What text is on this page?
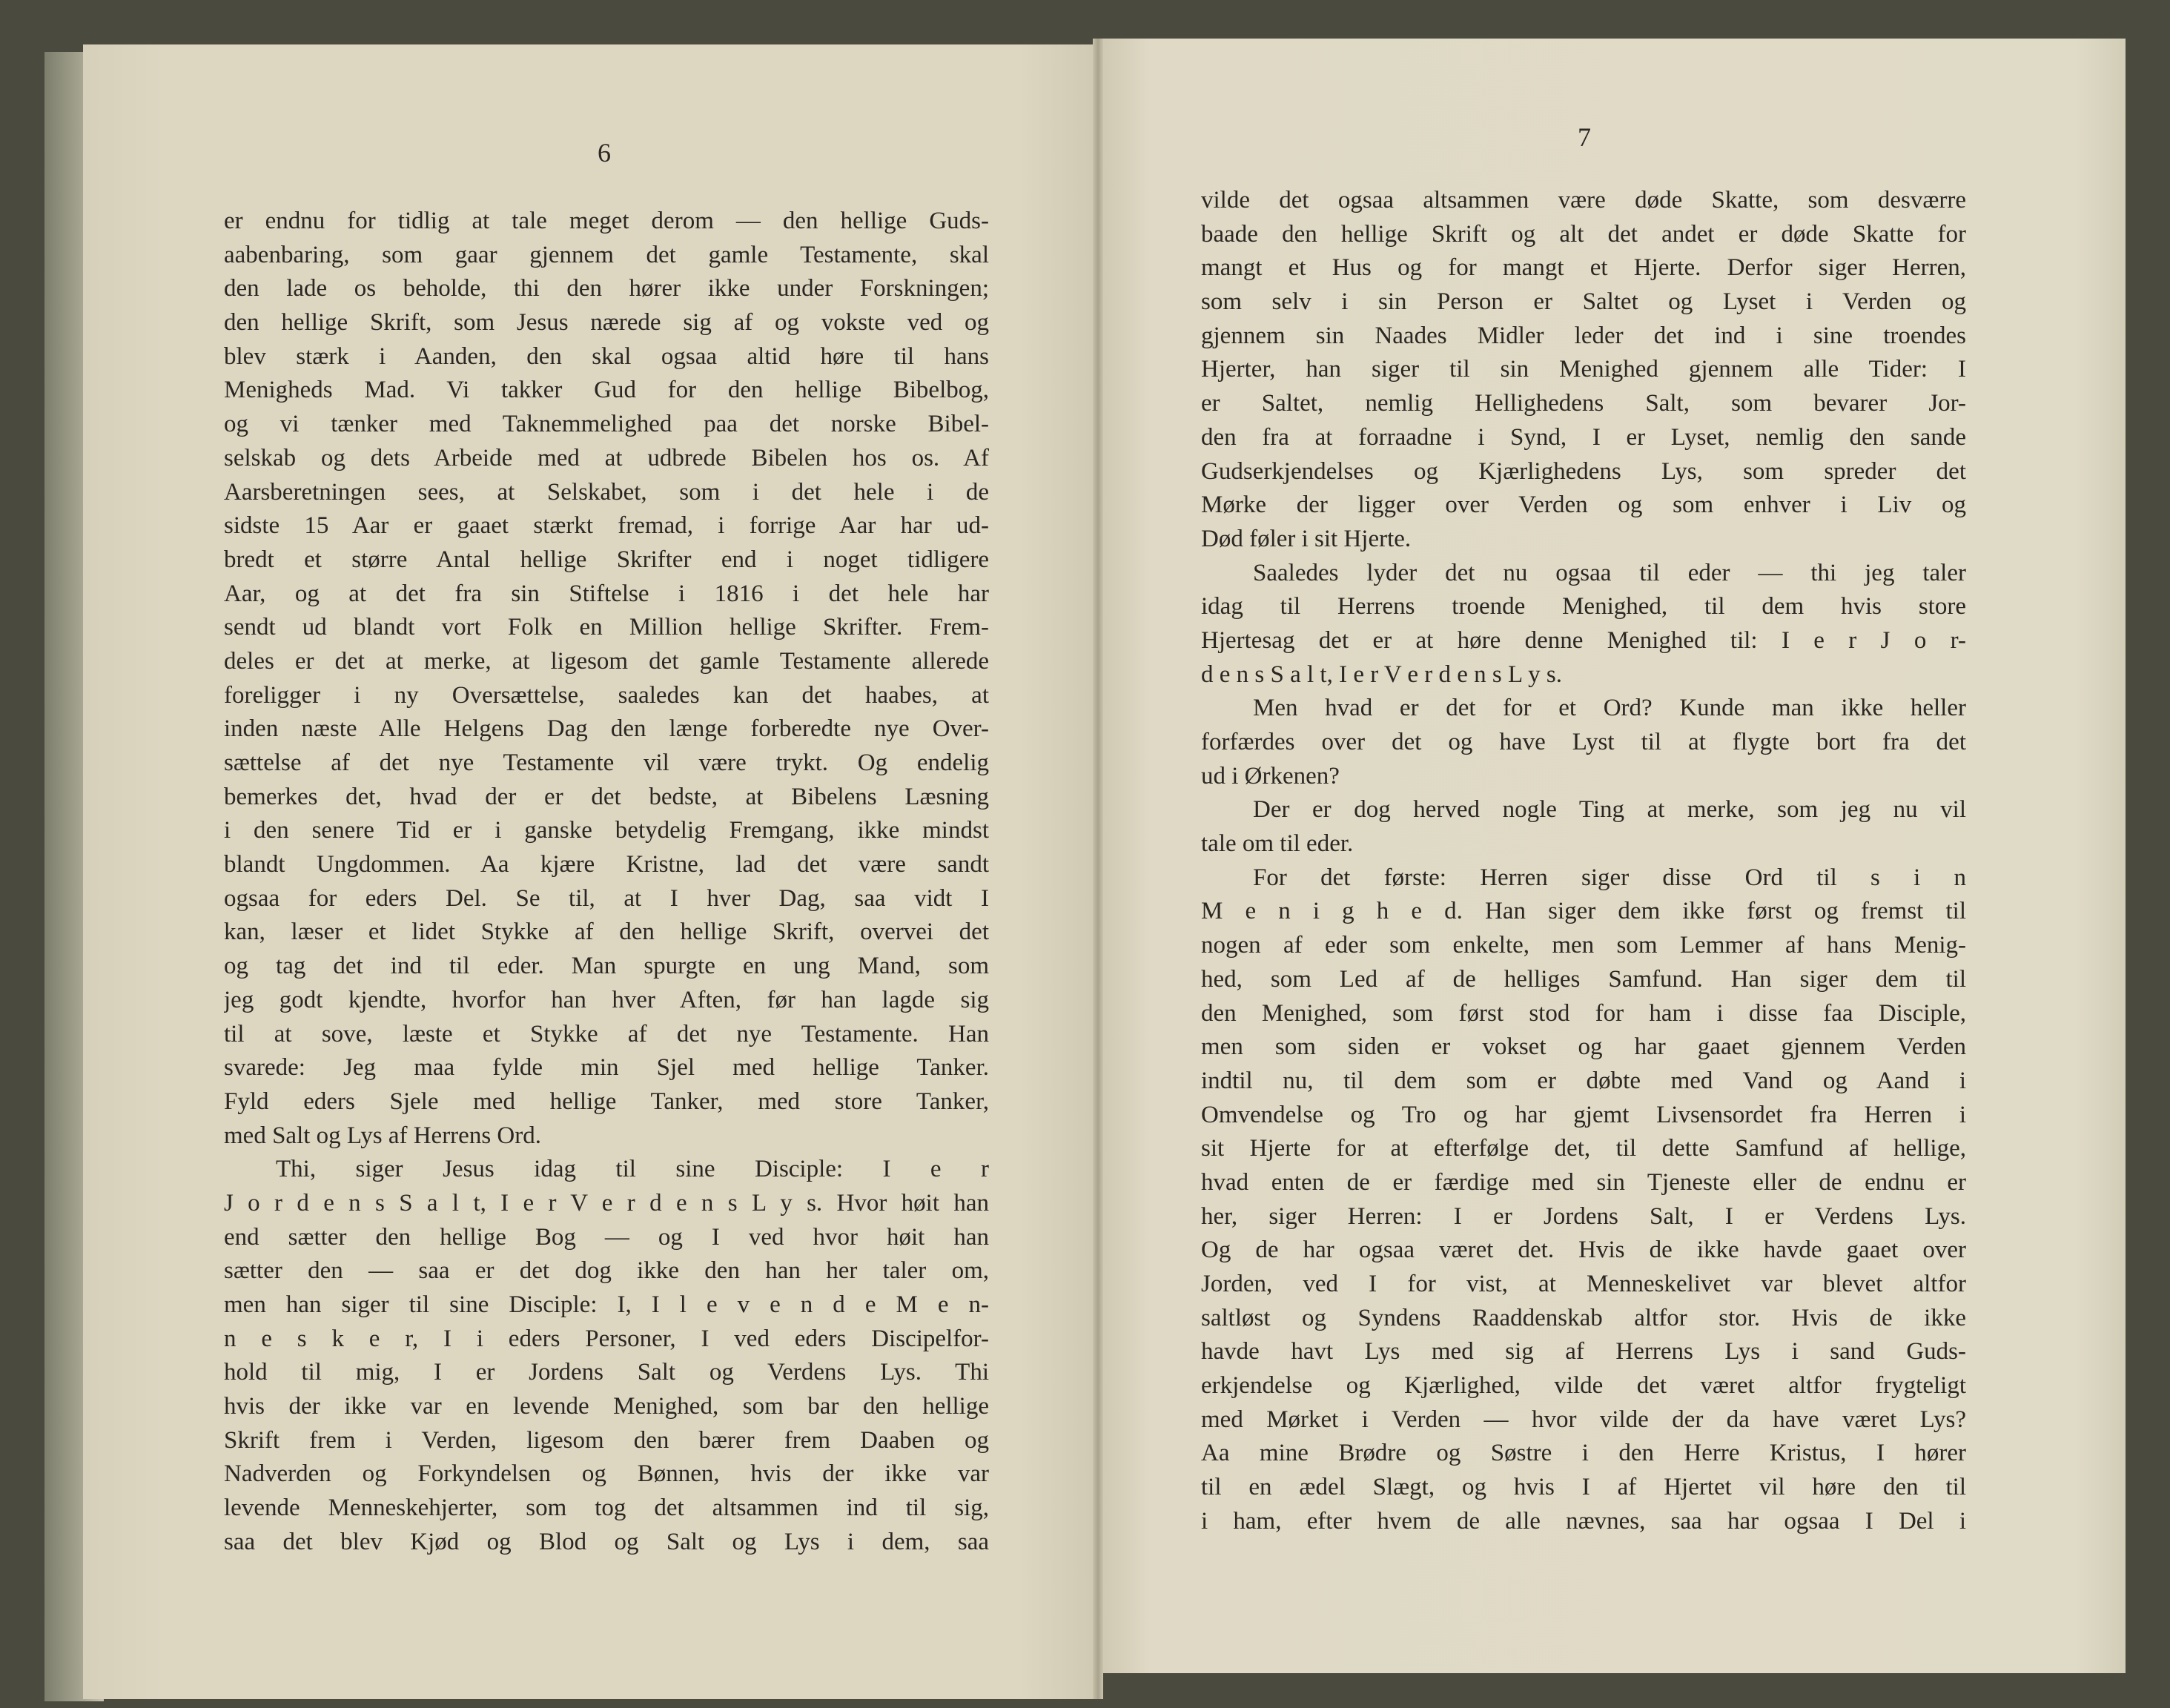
6
er endnu for tidlig at tale meget derom — den hellige Guds-
aabenbaring, som gaar gjennem det gamle Testamente, skal
den lade os beholde, thi den hører ikke under Forskningen;
den hellige Skrift, som Jesus nærede sig af og vokste ved og
blev stærk i Aanden, den skal ogsaa altid høre til hans
Menigheds Mad. Vi takker Gud for den hellige Bibelbog,
og vi tænker med Taknemmelighed paa det norske Bibel-
selskab og dets Arbeide med at udbrede Bibelen hos os. Af
Aarsberetningen sees, at Selskabet, som i det hele i de
sidste 15 Aar er gaaet stærkt fremad, i forrige Aar har ud-
bredt et større Antal hellige Skrifter end i noget tidligere
Aar, og at det fra sin Stiftelse i 1816 i det hele har
sendt ud blandt vort Folk en Million hellige Skrifter. Frem-
deles er det at merke, at ligesom det gamle Testamente allerede
foreligger i ny Oversættelse, saaledes kan det haabes, at
inden næste Alle Helgens Dag den længe forberedte nye Over-
sættelse af det nye Testamente vil være trykt. Og endelig
bemerkes det, hvad der er det bedste, at Bibelens Læsning
i den senere Tid er i ganske betydelig Fremgang, ikke mindst
blandt Ungdommen. Aa kjære Kristne, lad det være sandt
ogsaa for eders Del. Se til, at I hver Dag, saa vidt I
kan, læser et lidet Stykke af den hellige Skrift, overvei det
og tag det ind til eder. Man spurgte en ung Mand, som
jeg godt kjendte, hvorfor han hver Aften, før han lagde sig
til at sove, læste et Stykke af det nye Testamente. Han
svarede: Jeg maa fylde min Sjel med hellige Tanker.
Fyld eders Sjele med hellige Tanker, med store Tanker,
med Salt og Lys af Herrens Ord.
Thi, siger Jesus idag til sine Disciple: I e r
J o r d e n s S a l t, I e r V e r d e n s L y s. Hvor høit han
end sætter den hellige Bog — og I ved hvor høit han
sætter den — saa er det dog ikke den han her taler om,
men han siger til sine Disciple: I, I l e v e n d e M e n-
n e s k e r, I i eders Personer, I ved eders Discipelfor-
hold til mig, I er Jordens Salt og Verdens Lys. Thi
hvis der ikke var en levende Menighed, som bar den hellige
Skrift frem i Verden, ligesom den bærer frem Daaben og
Nadverden og Forkyndelsen og Bønnen, hvis der ikke var
levende Menneskehjerter, som tog det altsammen ind til sig,
saa det blev Kjød og Blod og Salt og Lys i dem, saa
7
vilde det ogsaa altsammen være døde Skatte, som desværre
baade den hellige Skrift og alt det andet er døde Skatte for
mangt et Hus og for mangt et Hjerte. Derfor siger Herren,
som selv i sin Person er Saltet og Lyset i Verden og
gjennem sin Naades Midler leder det ind i sine troendes
Hjerter, han siger til sin Menighed gjennem alle Tider: I
er Saltet, nemlig Hellighedens Salt, som bevarer Jor-
den fra at forraadne i Synd, I er Lyset, nemlig den sande
Gudserkjendelses og Kjærlighedens Lys, som spreder det
Mørke der ligger over Verden og som enhver i Liv og
Død føler i sit Hjerte.
Saaledes lyder det nu ogsaa til eder — thi jeg taler
idag til Herrens troende Menighed, til dem hvis store
Hjertesag det er at høre denne Menighed til: I e r J o r-
d e n s S a l t, I e r V e r d e n s L y s.
Men hvad er det for et Ord? Kunde man ikke heller
forfærdes over det og have Lyst til at flygte bort fra det
ud i Ørkenen?
Der er dog herved nogle Ting at merke, som jeg nu vil
tale om til eder.
For det første: Herren siger disse Ord til s i n
M e n i g h e d. Han siger dem ikke først og fremst til
nogen af eder som enkelte, men som Lemmer af hans Menig-
hed, som Led af de helliges Samfund. Han siger dem til
den Menighed, som først stod for ham i disse faa Disciple,
men som siden er vokset og har gaaet gjennem Verden
indtil nu, til dem som er døbte med Vand og Aand i
Omvendelse og Tro og har gjemt Livsensordet fra Herren i
sit Hjerte for at efterfølge det, til dette Samfund af hellige,
hvad enten de er færdige med sin Tjeneste eller de endnu er
her, siger Herren: I er Jordens Salt, I er Verdens Lys.
Og de har ogsaa været det. Hvis de ikke havde gaaet over
Jorden, ved I for vist, at Menneskelivet var blevet altfor
saltløst og Syndens Raaddenskab altfor stor. Hvis de ikke
havde havt Lys med sig af Herrens Lys i sand Guds-
erkjendelse og Kjærlighed, vilde det været altfor frygteligt
med Mørket i Verden — hvor vilde der da have været Lys?
Aa mine Brødre og Søstre i den Herre Kristus, I hører
til en ædel Slægt, og hvis I af Hjertet vil høre den til
i ham, efter hvem de alle nævnes, saa har ogsaa I Del i
